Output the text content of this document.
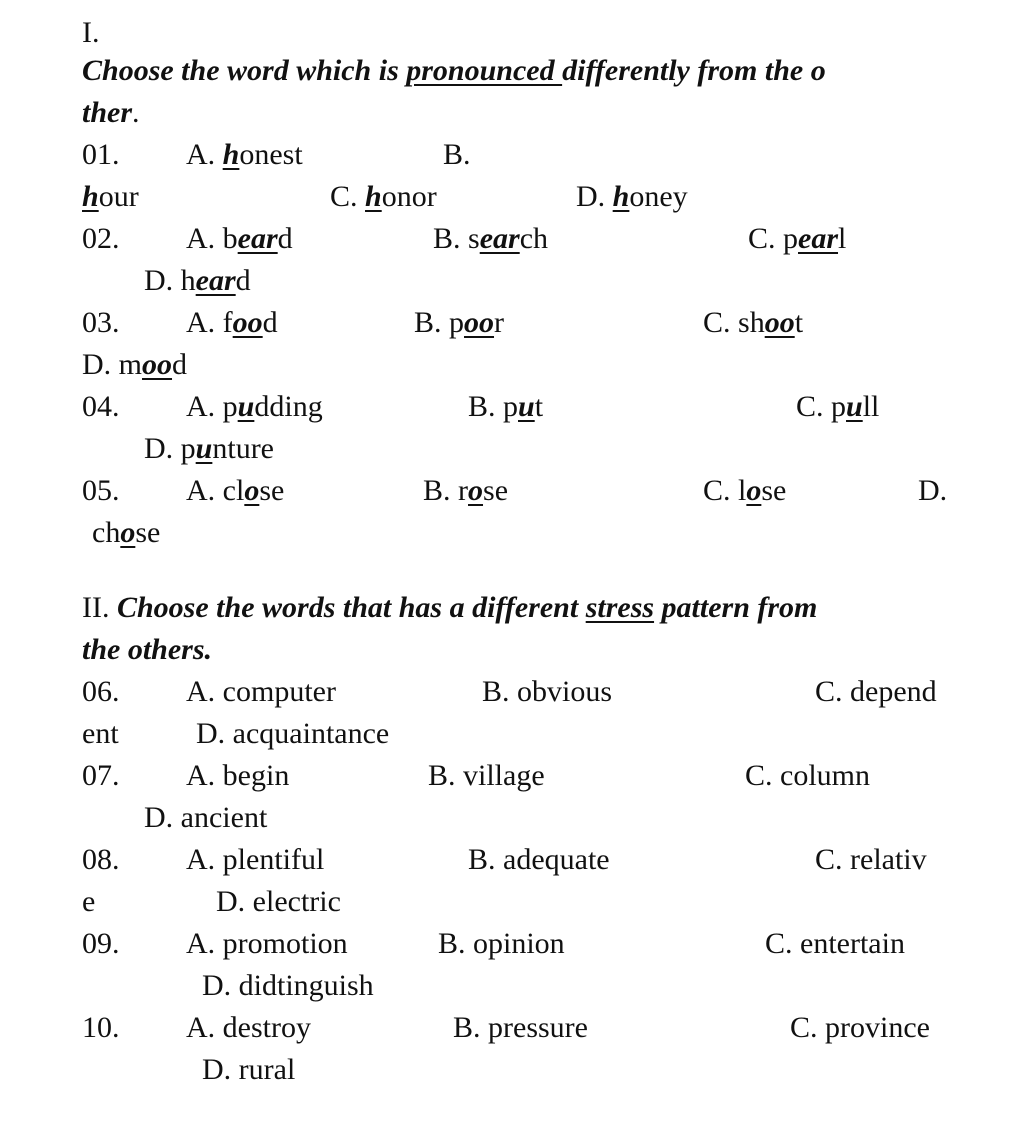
I.
Choose the word which is pronounced differently from the o
ther.
01. A. honest	B.
hour	C. honor	D. honey
02. A. beard	B. search	C. pearl
D. heard
03. A. food	B. poor	C. shoot
D. mood
04. A. pudding	B. put	C. pull
D. punture
05. A. close	B. rose	C. lose	D.
chose
II. Choose the words that has a different stress pattern from
the others.
06. A. computer	B. obvious	C. depend
ent	D. acquaintance
07. A. begin	B. village	C. column
D. ancient
08. A. plentiful	B. adequate	C. relativ
e	D. electric
09. A. promotion	B. opinion	C. entertain
D. didtinguish
10. A. destroy	B. pressure	C. province
D. rural
